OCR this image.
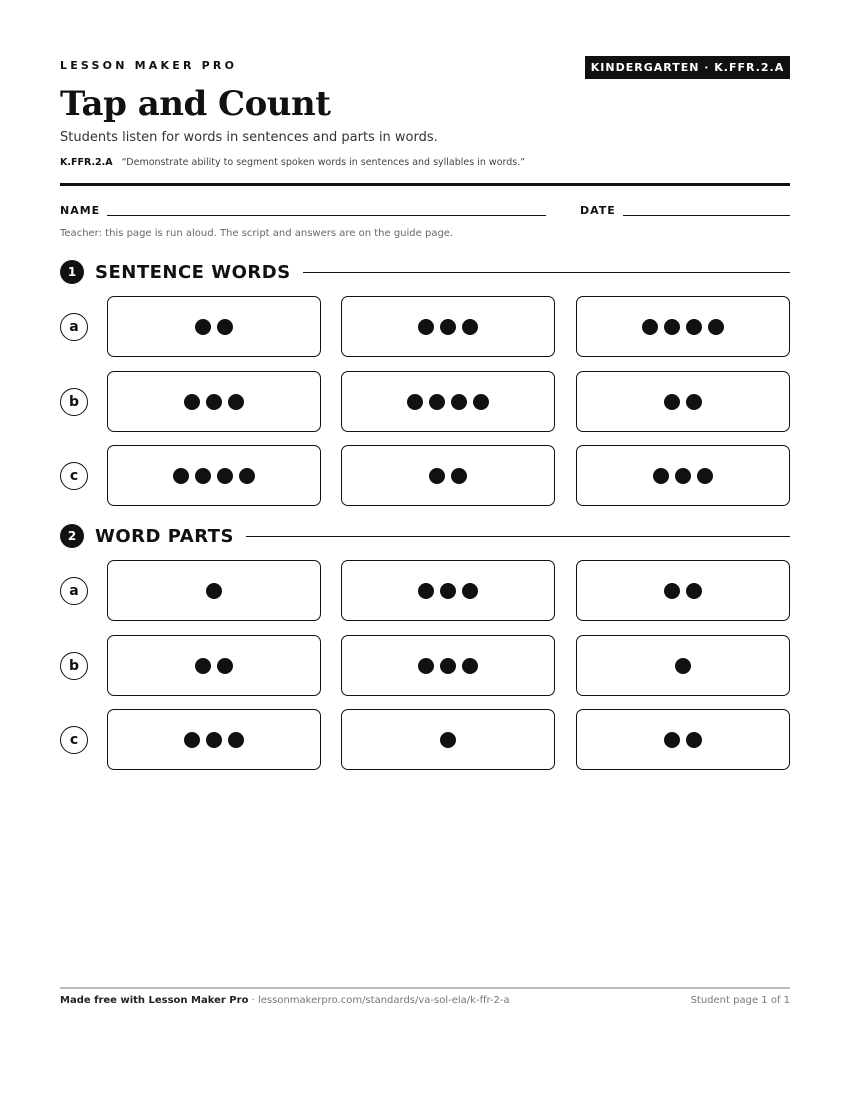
LESSON MAKER PRO	KINDERGARTEN · K.FFR.2.A
Tap and Count
Students listen for words in sentences and parts in words.
K.FFR.2.A “Demonstrate ability to segment spoken words in sentences and syllables in words.”
NAME	DATE
Teacher: this page is run aloud. The script and answers are on the guide page.
1	SENTENCE WORDS
a
b
c
2	WORD PARTS
a
b
c
Made free with Lesson Maker Pro · lessonmakerpro.com/standards/va-sol-ela/k-ffr-2-a	Student page 1 of 1
